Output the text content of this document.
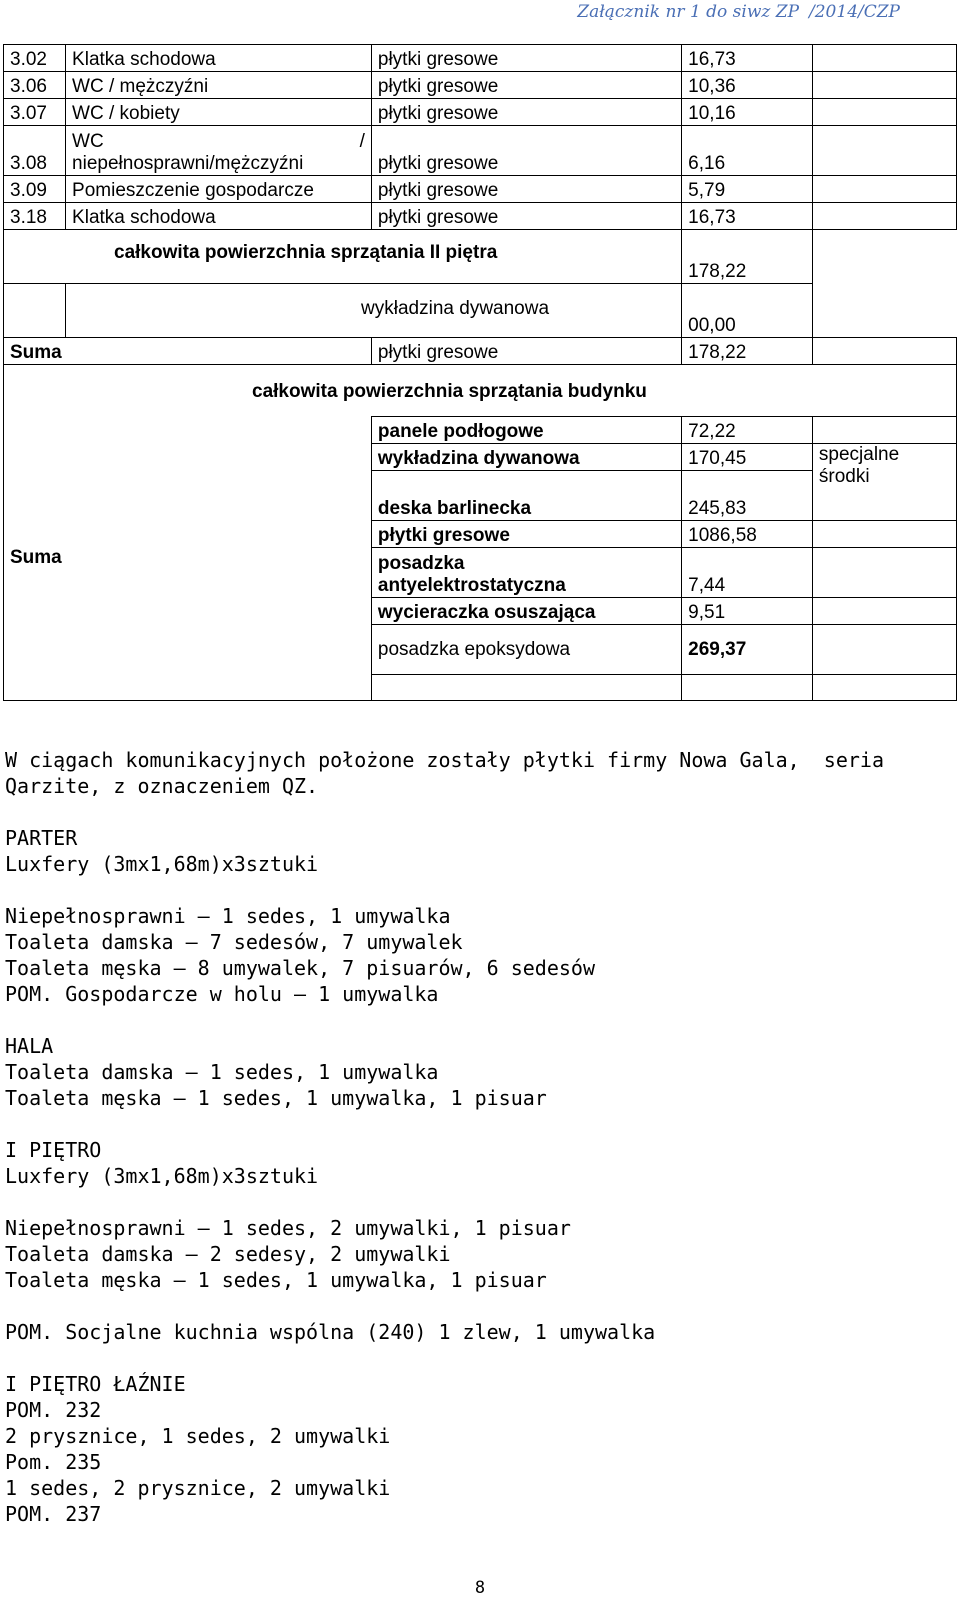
Załącznik nr 1 do siwz ZP /2014/CZP
3.02	Klatka schodowa	płytki gresowe	16,73	
3.06	WC / mężczyźni	płytki gresowe	10,36	
3.07	WC / kobiety	płytki gresowe	10,16	
3.08	WC /
niepełnosprawni/mężczyźni	płytki gresowe	6,16	
3.09	Pomieszczenie gospodarcze	płytki gresowe	5,79	
3.18	Klatka schodowa	płytki gresowe	16,73	
całkowita powierzchnia sprzątania II piętra			178,22	
	wykładzina dywanowa		00,00	
Suma		płytki gresowe	178,22	
całkowita powierzchnia sprzątania budynku				
Suma		panele podłogowe	72,22	
		wykładzina dywanowa	170,45	specjalne środki
		deska barlinecka	245,83	
		płytki gresowe	1086,58	

		posadzka antyelektrostatyczna	7,44	
		wycieraczka osuszająca	9,51	
		posadzka epoksydowa	269,37	

W ciągach komunikacyjnych położone zostały płytki firmy Nowa Gala,  seria Qarzite, z oznaczeniem QZ.

PARTER

Luxfery (3mx1,68m)x3sztuki

Niepełnosprawni – 1 sedes, 1 umywalka

Toaleta damska – 7 sedesów, 7 umywalek

Toaleta męska – 8 umywalek, 7 pisuarów, 6 sedesów

POM. Gospodarcze w holu – 1 umywalka

HALA

Toaleta damska – 1 sedes, 1 umywalka

Toaleta męska – 1 sedes, 1 umywalka, 1 pisuar

I PIĘTRO

Luxfery (3mx1,68m)x3sztuki

Niepełnosprawni – 1 sedes, 2 umywalki, 1 pisuar

Toaleta damska – 2 sedesy, 2 umywalki

Toaleta męska – 1 sedes, 1 umywalka, 1 pisuar

POM. Socjalne kuchnia wspólna (240) 1 zlew, 1 umywalka

I PIĘTRO ŁAŹNIE

POM. 232

2 prysznice, 1 sedes, 2 umywalki

Pom. 235

1 sedes, 2 prysznice, 2 umywalki

POM. 237

8
